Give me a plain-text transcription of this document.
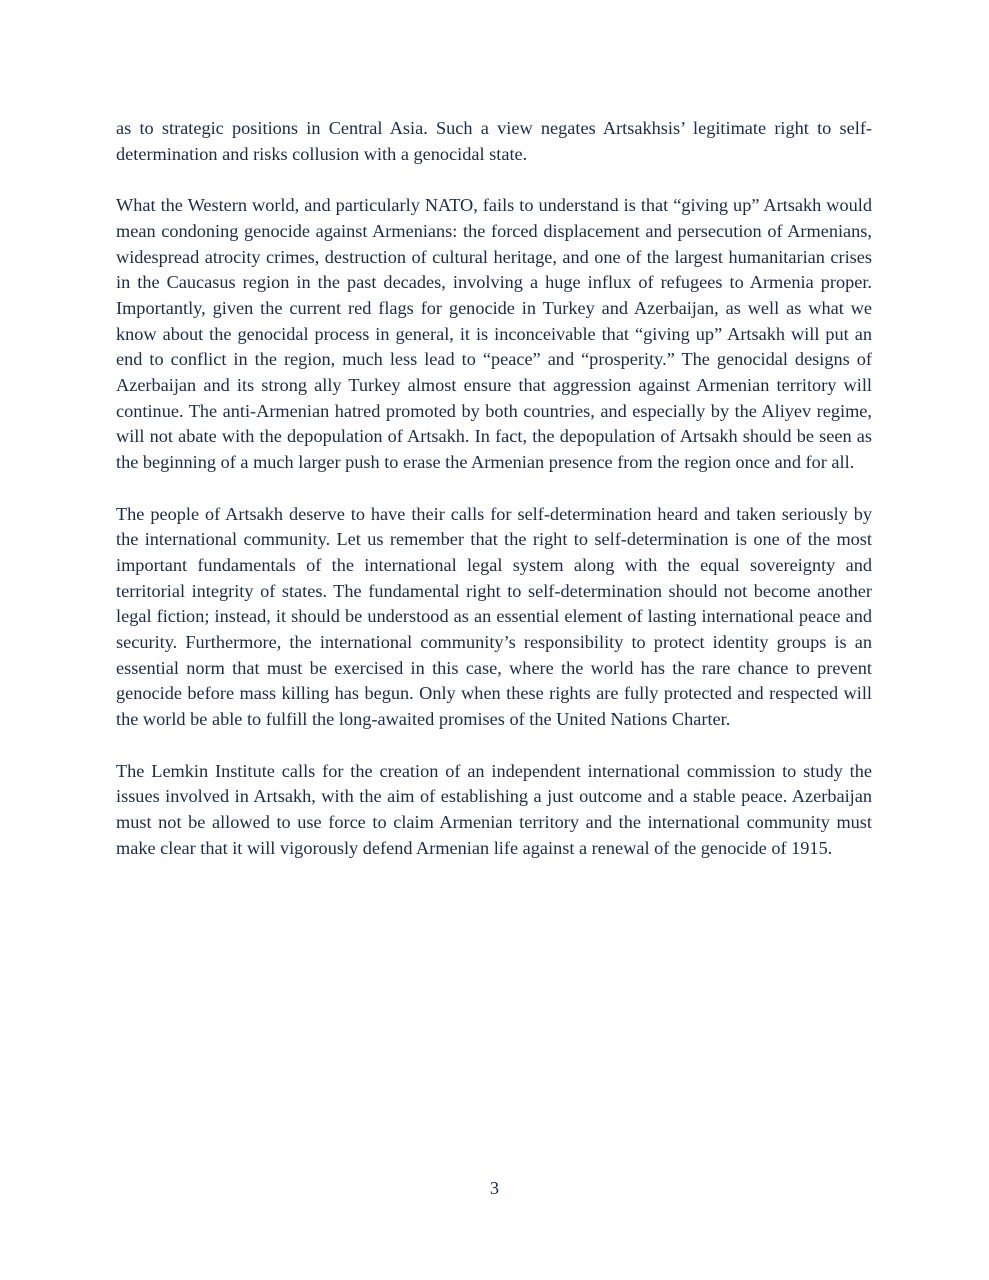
as to strategic positions in Central Asia. Such a view negates Artsakhsis’ legitimate right to self-determination and risks collusion with a genocidal state.

What the Western world, and particularly NATO, fails to understand is that “giving up” Artsakh would mean condoning genocide against Armenians: the forced displacement and persecution of Armenians, widespread atrocity crimes, destruction of cultural heritage, and one of the largest humanitarian crises in the Caucasus region in the past decades, involving a huge influx of refugees to Armenia proper. Importantly, given the current red flags for genocide in Turkey and Azerbaijan, as well as what we know about the genocidal process in general, it is inconceivable that “giving up” Artsakh will put an end to conflict in the region, much less lead to “peace” and “prosperity.” The genocidal designs of Azerbaijan and its strong ally Turkey almost ensure that aggression against Armenian territory will continue. The anti-Armenian hatred promoted by both countries, and especially by the Aliyev regime, will not abate with the depopulation of Artsakh. In fact, the depopulation of Artsakh should be seen as the beginning of a much larger push to erase the Armenian presence from the region once and for all.

The people of Artsakh deserve to have their calls for self-determination heard and taken seriously by the international community. Let us remember that the right to self-determination is one of the most important fundamentals of the international legal system along with the equal sovereignty and territorial integrity of states. The fundamental right to self-determination should not become another legal fiction; instead, it should be understood as an essential element of lasting international peace and security. Furthermore, the international community’s responsibility to protect identity groups is an essential norm that must be exercised in this case, where the world has the rare chance to prevent genocide before mass killing has begun. Only when these rights are fully protected and respected will the world be able to fulfill the long-awaited promises of the United Nations Charter.

The Lemkin Institute calls for the creation of an independent international commission to study the issues involved in Artsakh, with the aim of establishing a just outcome and a stable peace. Azerbaijan must not be allowed to use force to claim Armenian territory and the international community must make clear that it will vigorously defend Armenian life against a renewal of the genocide of 1915.

3
